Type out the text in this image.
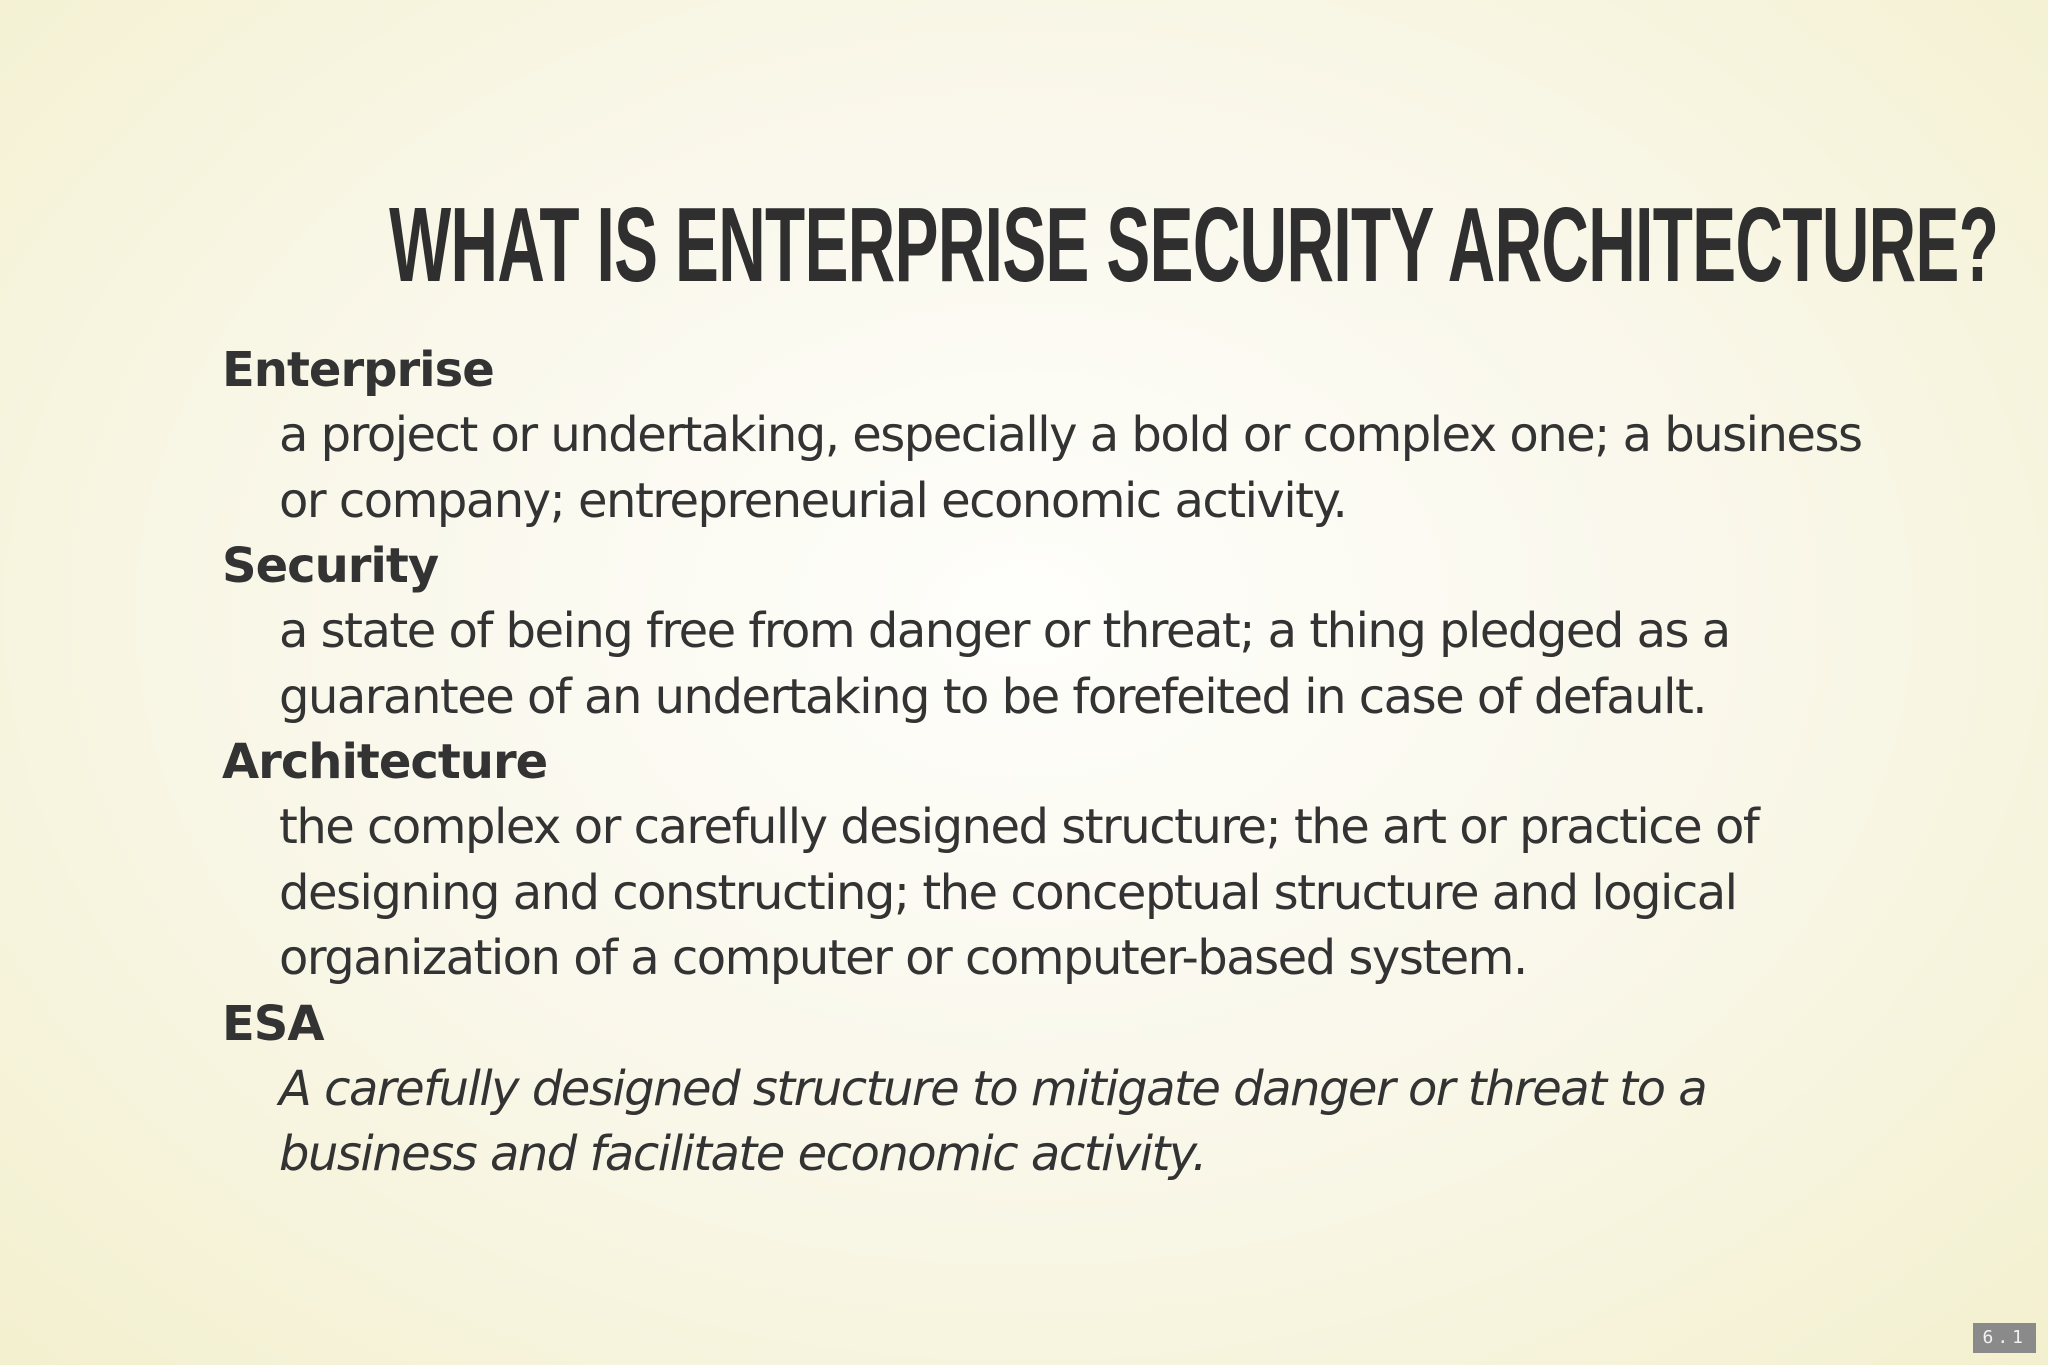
WHAT IS ENTERPRISE SECURITY ARCHITECTURE?
Enterprise
a project or undertaking, especially a bold or complex one; a business or company; entrepreneurial economic activity.
Security
a state of being free from danger or threat; a thing pledged as a guarantee of an undertaking to be forefeited in case of default.
Architecture
the complex or carefully designed structure; the art or practice of designing and constructing; the conceptual structure and logical organization of a computer or computer-based system.
ESA
A carefully designed structure to mitigate danger or threat to a business and facilitate economic activity.
6.1
